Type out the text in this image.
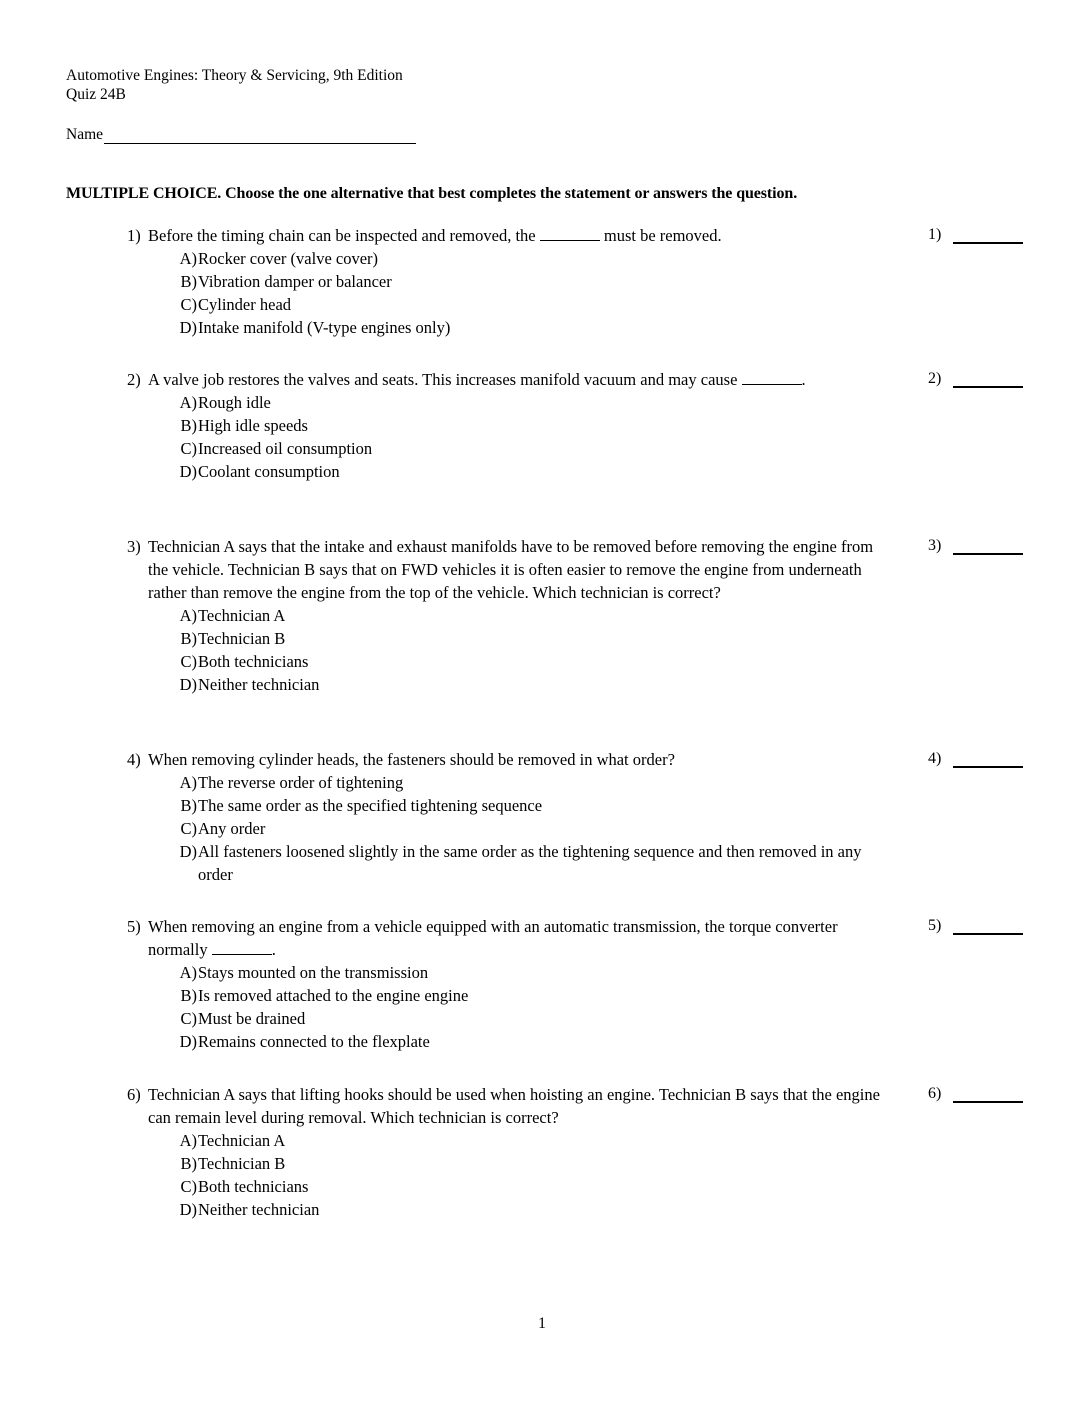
Automotive Engines: Theory & Servicing, 9th Edition
Quiz 24B
Name
MULTIPLE CHOICE. Choose the one alternative that best completes the statement or answers the question.
1) Before the timing chain can be inspected and removed, the	must be removed.
A) Rocker cover (valve cover)
B) Vibration damper or balancer
C) Cylinder head
D) Intake manifold (V-type engines only)
1)
2) A valve job restores the valves and seats. This increases manifold vacuum and may cause	.
A) Rough idle
B) High idle speeds
C) Increased oil consumption
D) Coolant consumption
2)
3) Technician A says that the intake and exhaust manifolds have to be removed before removing the engine from the vehicle. Technician B says that on FWD vehicles it is often easier to remove the engine from underneath rather than remove the engine from the top of the vehicle. Which technician is correct?
A) Technician A
B) Technician B
C) Both technicians
D) Neither technician
3)
4) When removing cylinder heads, the fasteners should be removed in what order?
A) The reverse order of tightening
B) The same order as the specified tightening sequence
C) Any order
D) All fasteners loosened slightly in the same order as the tightening sequence and then removed in any order
4)
5) When removing an engine from a vehicle equipped with an automatic transmission, the torque converter normally	.
A) Stays mounted on the transmission
B) Is removed attached to the engine engine
C) Must be drained
D) Remains connected to the flexplate
5)
6) Technician A says that lifting hooks should be used when hoisting an engine. Technician B says that the engine can remain level during removal. Which technician is correct?
A) Technician A
B) Technician B
C) Both technicians
D) Neither technician
6)
1
